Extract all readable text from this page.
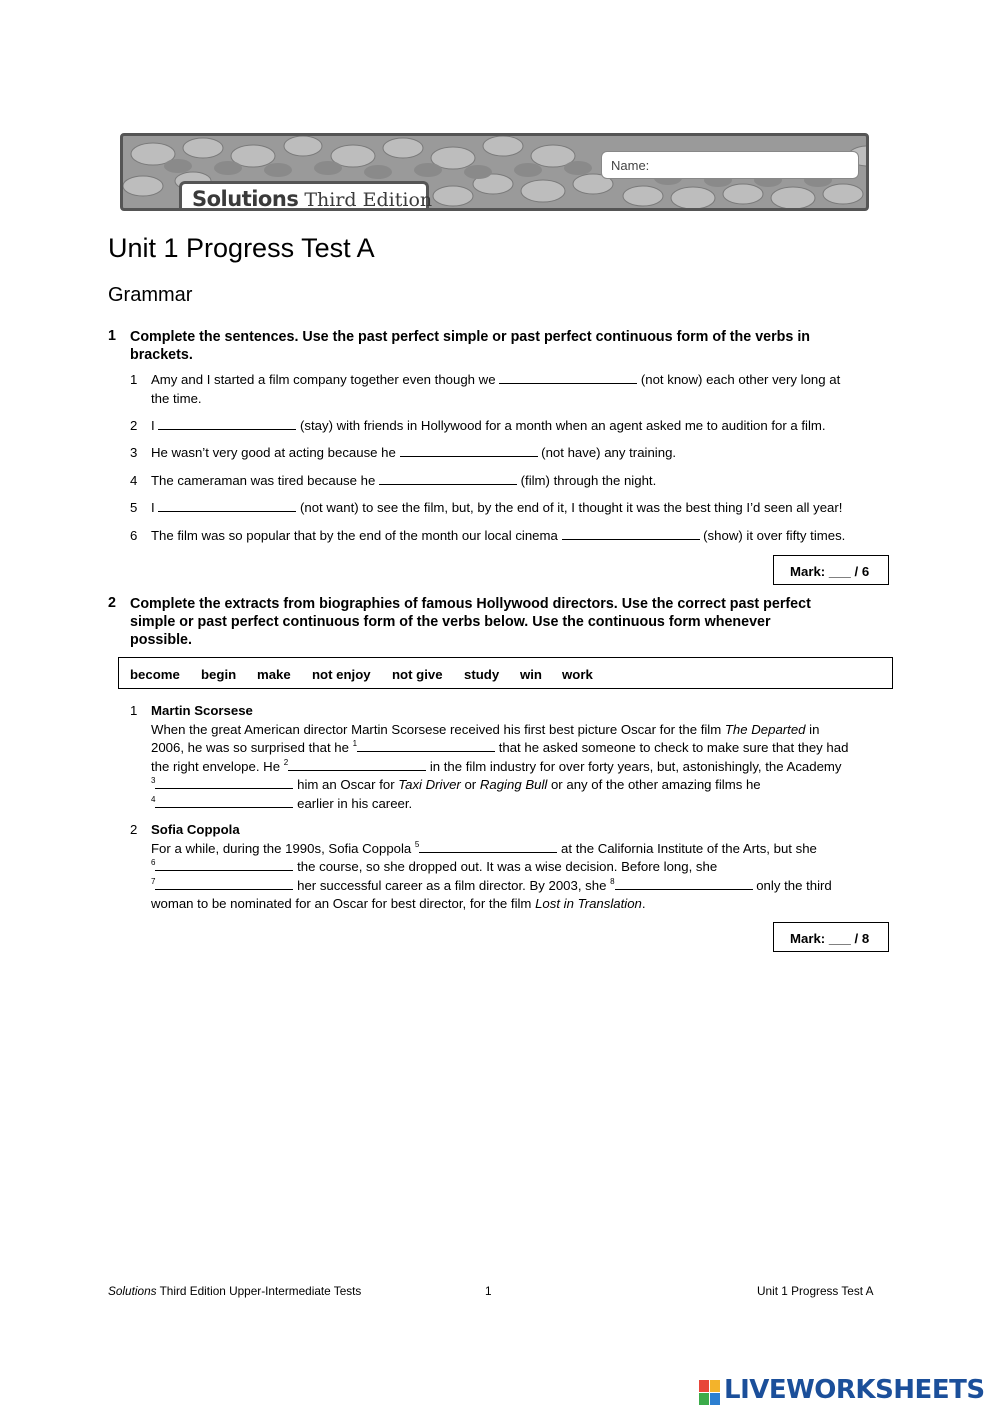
Name:
Solutions Third Edition
Unit 1 Progress Test A
Grammar
1 Complete the sentences. Use the past perfect simple or past perfect continuous form of the verbs in
brackets.
1 Amy and I started a film company together even though we	(not know) each other very long at
the time.
2 I	(stay) with friends in Hollywood for a month when an agent asked me to audition for a film.
3 He wasn’t very good at acting because he	(not have) any training.
4 The cameraman was tired because he	(film) through the night.
5 I	(not want) to see the film, but, by the end of it, I thought it was the best thing I’d seen all year!
6 The film was so popular that by the end of the month our local cinema	(show) it over fifty times.
Mark: ___ / 6
2 Complete the extracts from biographies of famous Hollywood directors. Use the correct past perfect
simple or past perfect continuous form of the verbs below. Use the continuous form whenever
possible.
become begin make not enjoy not give study win work
1 Martin Scorsese
When the great American director Martin Scorsese received his first best picture Oscar for the film The Departed in
2006, he was so surprised that he $^1$	that he asked someone to check to make sure that they had
the right envelope. He $^2$	in the film industry for over forty years, but, astonishingly, the Academy
$^3$	him an Oscar for Taxi Driver or Raging Bull or any of the other amazing films he
$^4$	earlier in his career.
2 Sofia Coppola
For a while, during the 1990s, Sofia Coppola $^5$	at the California Institute of the Arts, but she
$^6$	the course, so she dropped out. It was a wise decision. Before long, she
$^7$	her successful career as a film director. By 2003, she $^8$	only the third
woman to be nominated for an Oscar for best director, for the film Lost in Translation.
Mark: ___ / 8
Solutions Third Edition Upper-Intermediate Tests	1	Unit 1 Progress Test A
LIVEWORKSHEETS
